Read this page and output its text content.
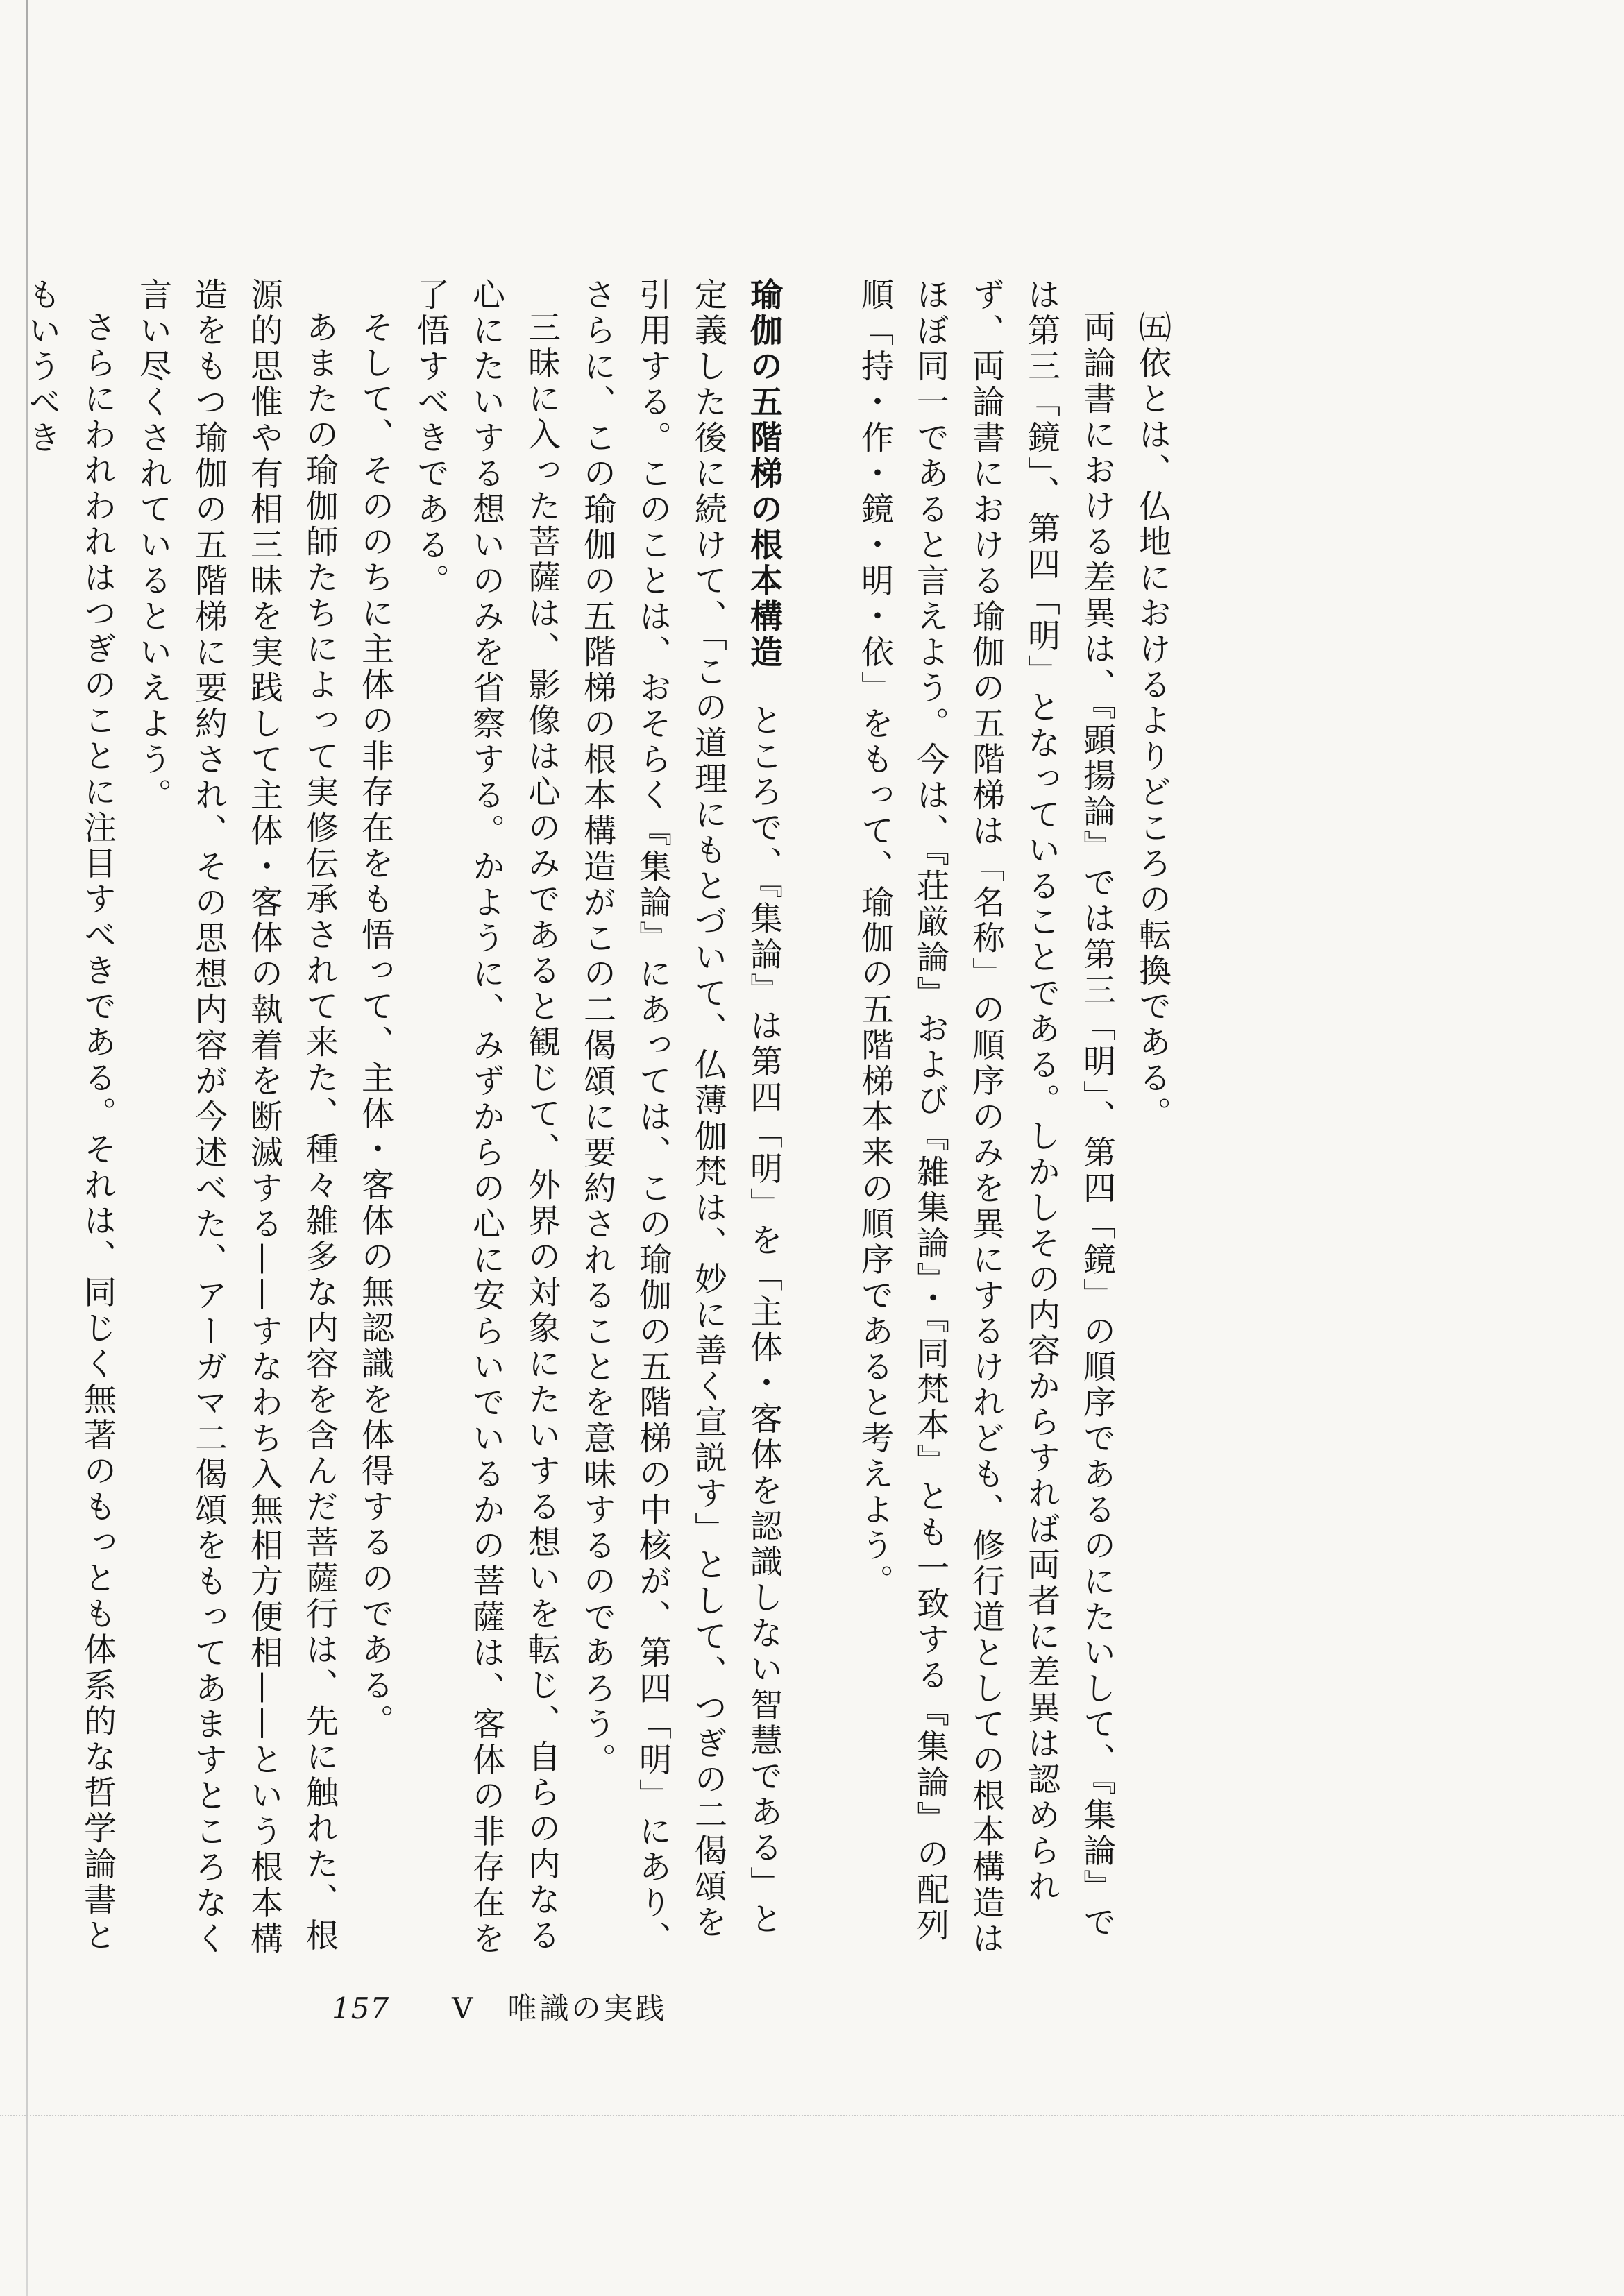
㈤依とは、仏地におけるよりどころの転換である。

両論書における差異は、『顕揚論』では第三「明」、第四「鏡」の順序であるのにたいして、『集論』では第三「鏡」、第四「明」となっていることである。しかしその内容からすれば両者に差異は認められず、両論書における瑜伽の五階梯は「名称」の順序のみを異にするけれども、修行道としての根本構造はほぼ同一であると言えよう。今は、『荘厳論』および『雑集論』・『同梵本』とも一致する『集論』の配列順「持・作・鏡・明・依」をもって、瑜伽の五階梯本来の順序であると考えよう。

瑜伽の五階梯の根本構造ところで、『集論』は第四「明」を「主体・客体を認識しない智慧である」と定義した後に続けて、「この道理にもとづいて、仏薄伽梵は、妙に善く宣説す」として、つぎの二偈頌を引用する。このことは、おそらく『集論』にあっては、この瑜伽の五階梯の中核が、第四「明」にあり、さらに、この瑜伽の五階梯の根本構造がこの二偈頌に要約されることを意味するのであろう。

三昧に入った菩薩は、影像は心のみであると観じて、外界の対象にたいする想いを転じ、自らの内なる心にたいする想いのみを省察する。かように、みずからの心に安らいでいるかの菩薩は、客体の非存在を了悟すべきである。

そして、そののちに主体の非存在をも悟って、主体・客体の無認識を体得するのである。

あまたの瑜伽師たちによって実修伝承されて来た、種々雑多な内容を含んだ菩薩行は、先に触れた、根源的思惟や有相三昧を実践して主体・客体の執着を断滅する——すなわち入無相方便相——という根本構造をもつ瑜伽の五階梯に要約され、その思想内容が今述べた、アーガマ二偈頌をもってあますところなく言い尽くされているといえよう。

さらにわれわれはつぎのことに注目すべきである。それは、同じく無著のもっとも体系的な哲学論書ともいうべき

157 V　 唯識の実践
